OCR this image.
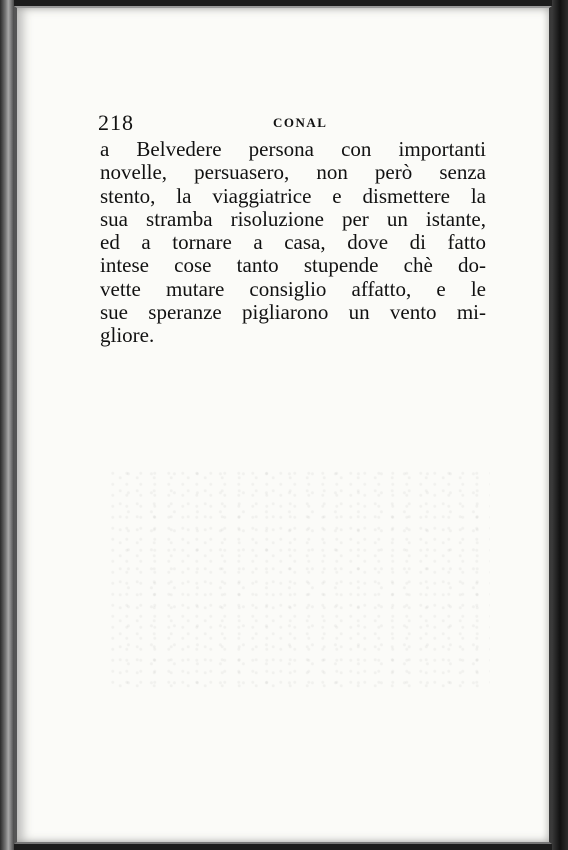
218	CONAL
a Belvedere persona con importanti
novelle, persuasero, non però senza
stento, la viaggiatrice e dismettere la
sua stramba risoluzione per un istante,
ed a tornare a casa, dove di fatto
intese cose tanto stupende chè do-
vette mutare consiglio affatto, e le
sue speranze pigliarono un vento mi-
gliore.
